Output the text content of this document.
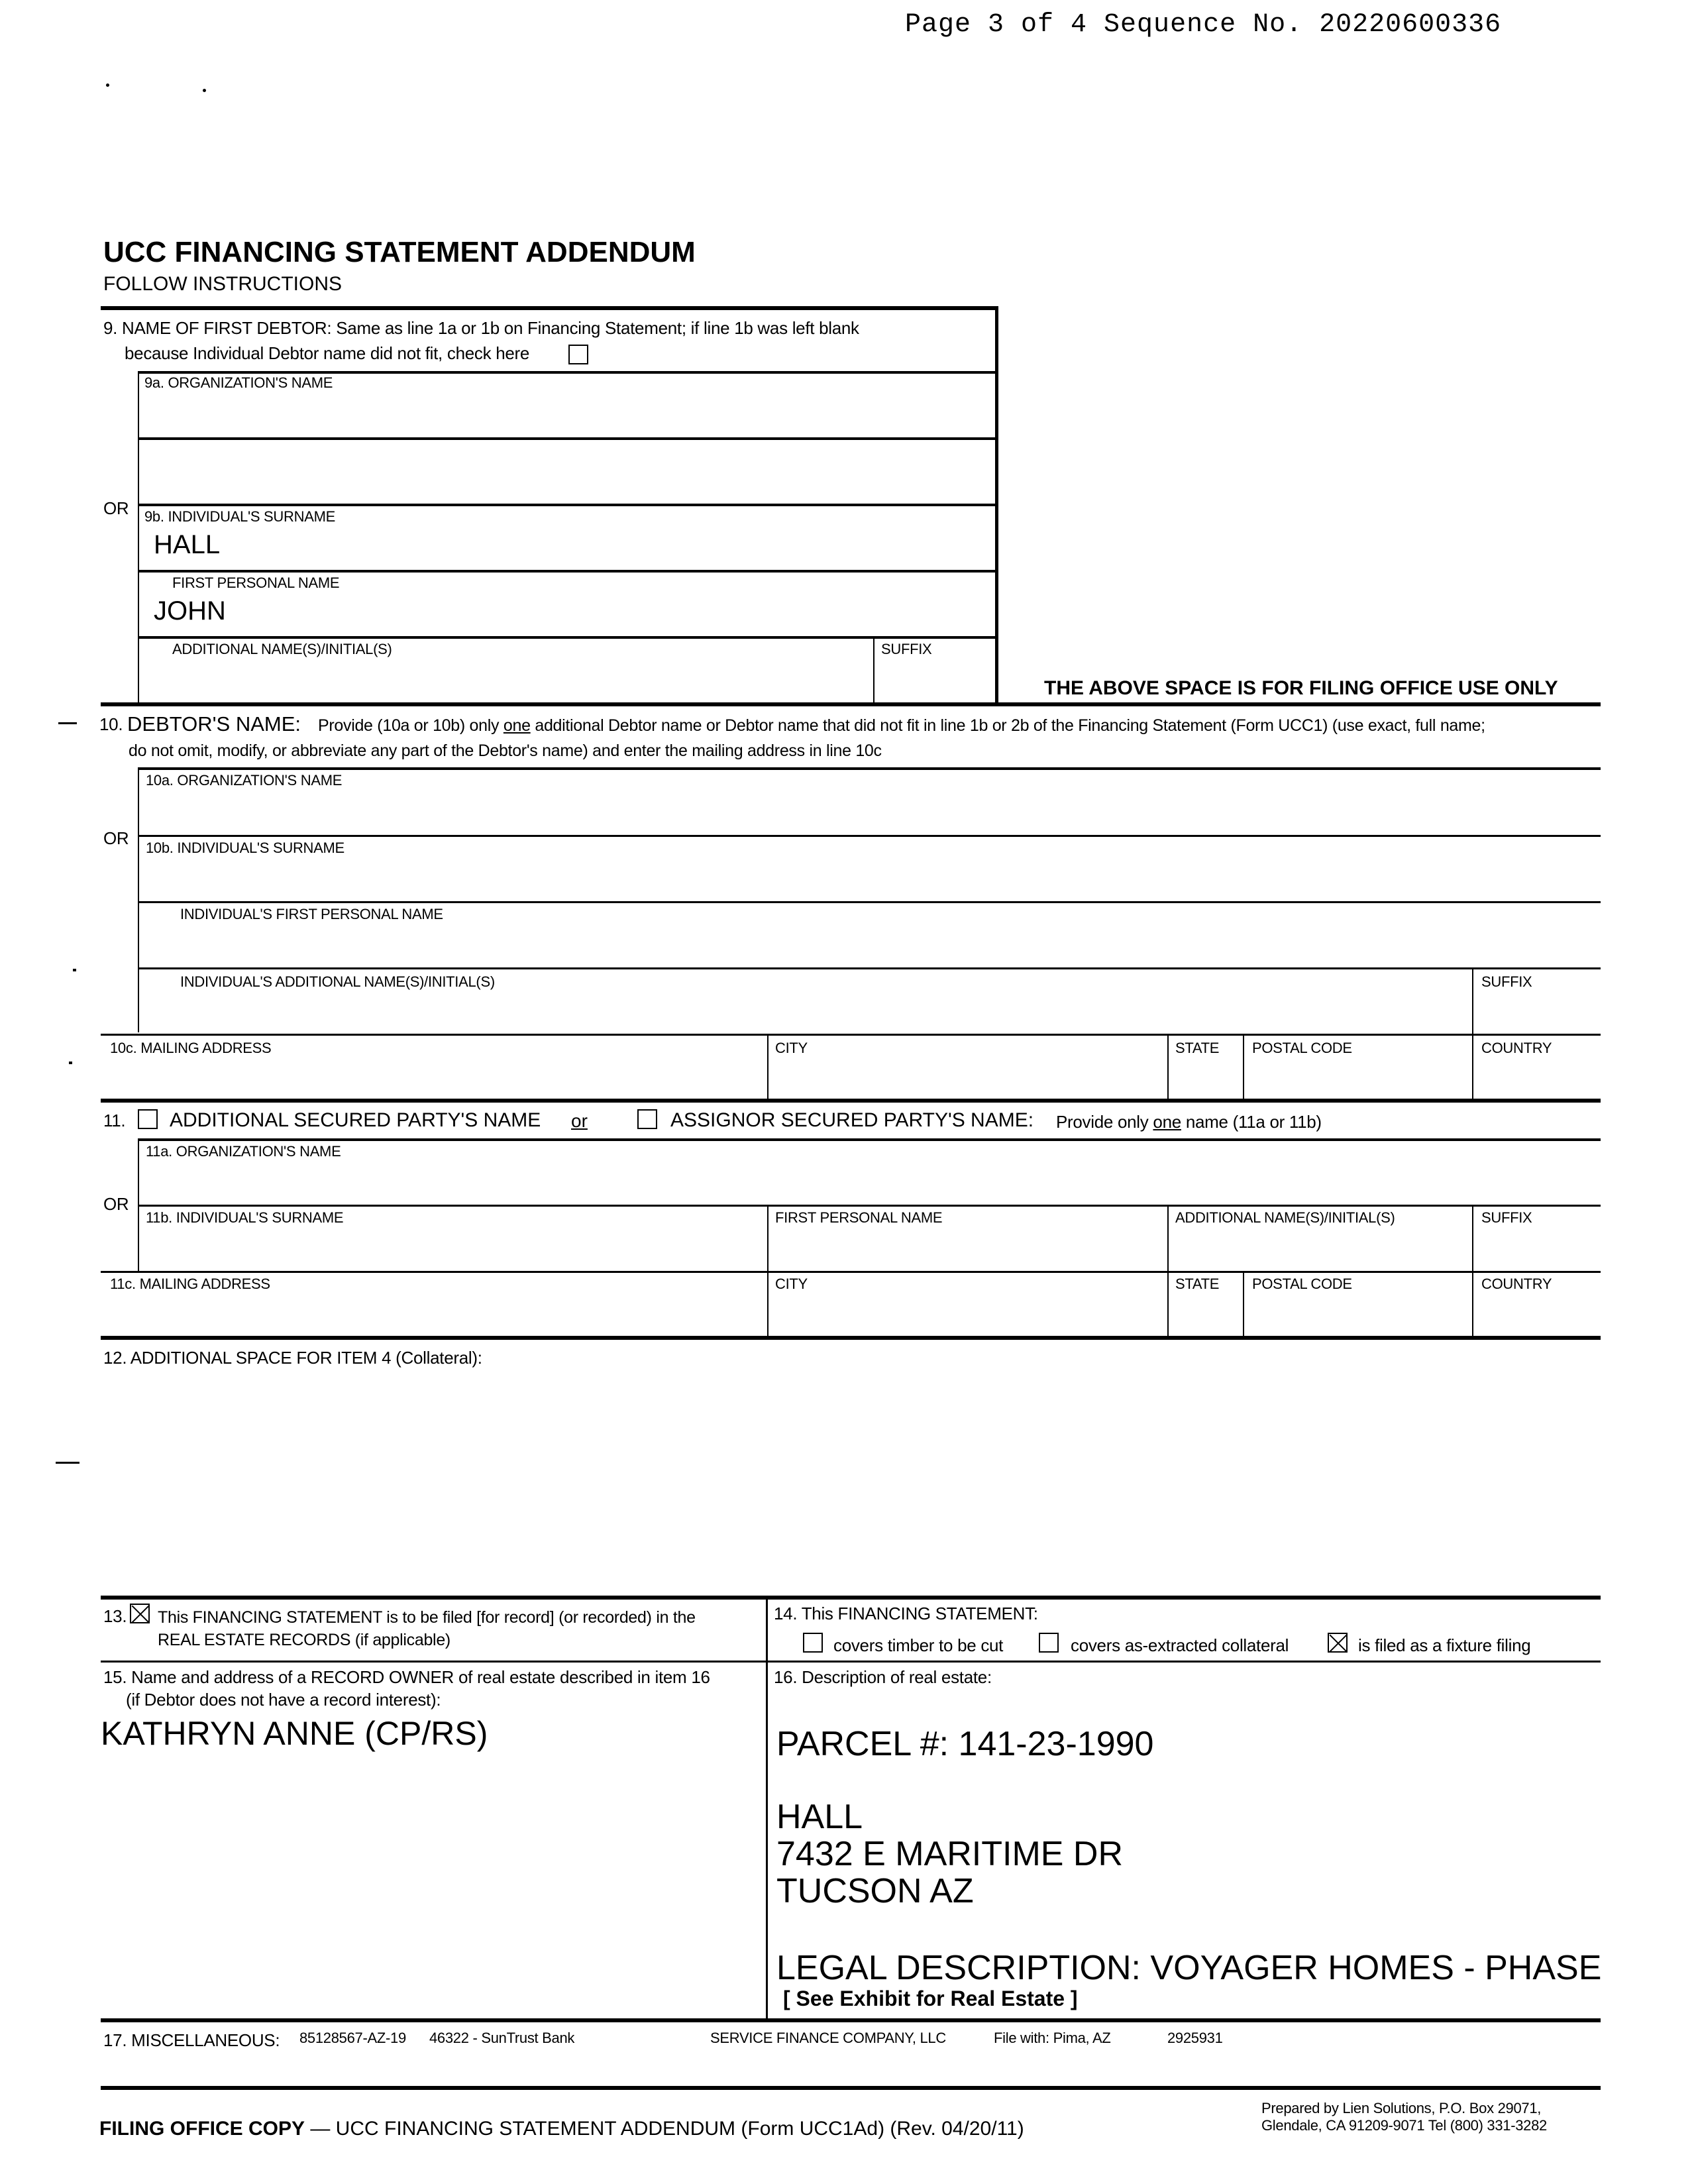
Page 3 of 4 Sequence No. 20220600336
UCC FINANCING STATEMENT ADDENDUM
FOLLOW INSTRUCTIONS
9. NAME OF FIRST DEBTOR: Same as line 1a or 1b on Financing Statement; if line 1b was left blank
because Individual Debtor name did not fit, check here
9a. ORGANIZATION'S NAME
OR 9b. INDIVIDUAL'S SURNAME
HALL
FIRST PERSONAL NAME
JOHN
ADDITIONAL NAME(S)/INITIAL(S)	SUFFIX
THE ABOVE SPACE IS FOR FILING OFFICE USE ONLY
10. DEBTOR'S NAME: Provide (10a or 10b) only one additional Debtor name or Debtor name that did not fit in line 1b or 2b of the Financing Statement (Form UCC1) (use exact, full name;
do not omit, modify, or abbreviate any part of the Debtor's name) and enter the mailing address in line 10c
10a. ORGANIZATION'S NAME
OR 10b. INDIVIDUAL'S SURNAME
INDIVIDUAL'S FIRST PERSONAL NAME
INDIVIDUAL'S ADDITIONAL NAME(S)/INITIAL(S)	SUFFIX
10c. MAILING ADDRESS	CITY	STATE POSTAL CODE	COUNTRY
11. ADDITIONAL SECURED PARTY'S NAME or	ASSIGNOR SECURED PARTY'S NAME: Provide only one name (11a or 11b)
11a. ORGANIZATION'S NAME
OR
11b. INDIVIDUAL'S SURNAME	FIRST PERSONAL NAME	ADDITIONAL NAME(S)/INITIAL(S)	SUFFIX
11c. MAILING ADDRESS	CITY	STATE POSTAL CODE	COUNTRY
12. ADDITIONAL SPACE FOR ITEM 4 (Collateral):
13. This FINANCING STATEMENT is to be filed [for record] (or recorded) in the
REAL ESTATE RECORDS (if applicable)
14. This FINANCING STATEMENT:
covers timber to be cut	covers as-extracted collateral	is filed as a fixture filing
15. Name and address of a RECORD OWNER of real estate described in item 16
(if Debtor does not have a record interest):
KATHRYN ANNE (CP/RS)
16. Description of real estate:
PARCEL #: 141-23-1990
HALL
7432 E MARITIME DR
TUCSON AZ
LEGAL DESCRIPTION: VOYAGER HOMES - PHASE
[ See Exhibit for Real Estate ]
17. MISCELLANEOUS: 85128567-AZ-19 46322 - SunTrust Bank	SERVICE FINANCE COMPANY, LLC	File with: Pima, AZ	2925931
FILING OFFICE COPY — UCC FINANCING STATEMENT ADDENDUM (Form UCC1Ad) (Rev. 04/20/11)
Prepared by Lien Solutions, P.O. Box 29071,
Glendale, CA 91209-9071 Tel (800) 331-3282
